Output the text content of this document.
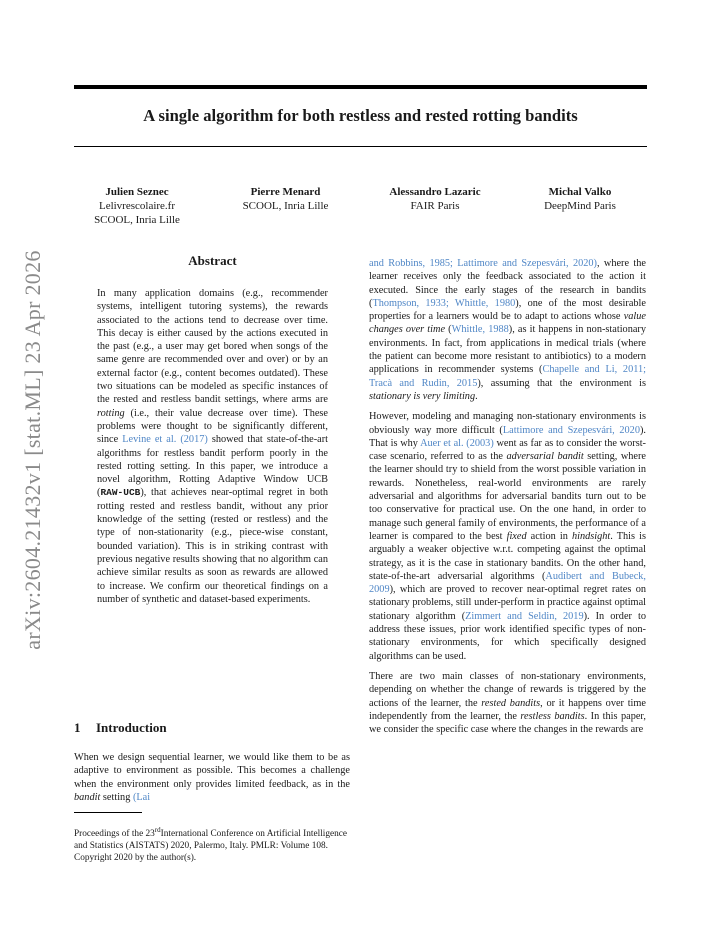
A single algorithm for both restless and rested rotting bandits
Julien Seznec
Lelivrescolaire.fr
SCOOL, Inria Lille
Pierre Menard
SCOOL, Inria Lille
Alessandro Lazaric
FAIR Paris
Michal Valko
DeepMind Paris
arXiv:2604.21432v1 [stat.ML] 23 Apr 2026	Abstract
In many application domains (e.g., recommender systems, intelligent tutoring systems), the rewards associated to the actions tend to decrease over time. This decay is either caused by the actions executed in the past (e.g., a user may get bored when songs of the same genre are recommended over and over) or by an external factor (e.g., content becomes outdated). These two situations can be modeled as specific instances of the rested and restless bandit settings, where arms are rotting (i.e., their value decrease over time). These problems were thought to be significantly different, since Levine et al. (2017) showed that state-of-the-art algorithms for restless bandit perform poorly in the rested rotting setting. In this paper, we introduce a novel algorithm, Rotting Adaptive Window UCB (RAW-UCB), that achieves near-optimal regret in both rotting rested and restless bandit, without any prior knowledge of the setting (rested or restless) and the type of non-stationarity (e.g., piece-wise constant, bounded variation). This is in striking contrast with previous negative results showing that no algorithm can achieve similar results as soon as rewards are allowed to increase. We confirm our theoretical findings on a number of synthetic and dataset-based experiments.
1 Introduction
When we design sequential learner, we would like them to be as adaptive to environment as possible. This becomes a challenge when the environment only provides limited feedback, as in the bandit setting (Lai
Proceedings of the 23rdInternational Conference on Artificial Intelligence and Statistics (AISTATS) 2020, Palermo, Italy. PMLR: Volume 108. Copyright 2020 by the author(s).

and Robbins, 1985; Lattimore and Szepesvári, 2020), where the learner receives only the feedback associated to the action it executed. Since the early stages of the research in bandits (Thompson, 1933; Whittle, 1980), one of the most desirable properties for a learners would be to adapt to actions whose value changes over time (Whittle, 1988), as it happens in non-stationary environments. In fact, from applications in medical trials (where the patient can become more resistant to antibiotics) to a modern applications in recommender systems (Chapelle and Li, 2011; Tracà and Rudin, 2015), assuming that the environment is stationary is very limiting.

However, modeling and managing non-stationary environments is obviously way more difficult (Lattimore and Szepesvári, 2020). That is why Auer et al. (2003) went as far as to consider the worst-case scenario, referred to as the adversarial bandit setting, where the learner should try to shield from the worst possible variation in rewards. Nonetheless, real-world environments are rarely adversarial and algorithms for adversarial bandits turn out to be too conservative for practical use. On the one hand, in order to manage such general family of environments, the performance of a learner is compared to the best fixed action in hindsight. This is arguably a weaker objective w.r.t. competing against the optimal strategy, as it is the case in stationary bandits. On the other hand, state-of-the-art adversarial algorithms (Audibert and Bubeck, 2009), which are proved to recover near-optimal regret rates on stationary problems, still under-perform in practice against optimal stationary algorithm (Zimmert and Seldin, 2019). In order to address these issues, prior work identified specific types of non-stationary environments, for which specifically designed algorithms can be used.

There are two main classes of non-stationary environments, depending on whether the change of rewards is triggered by the actions of the learner, the rested bandits, or it happens over time independently from the learner, the restless bandits. In this paper, we consider the specific case where the changes in the rewards are
